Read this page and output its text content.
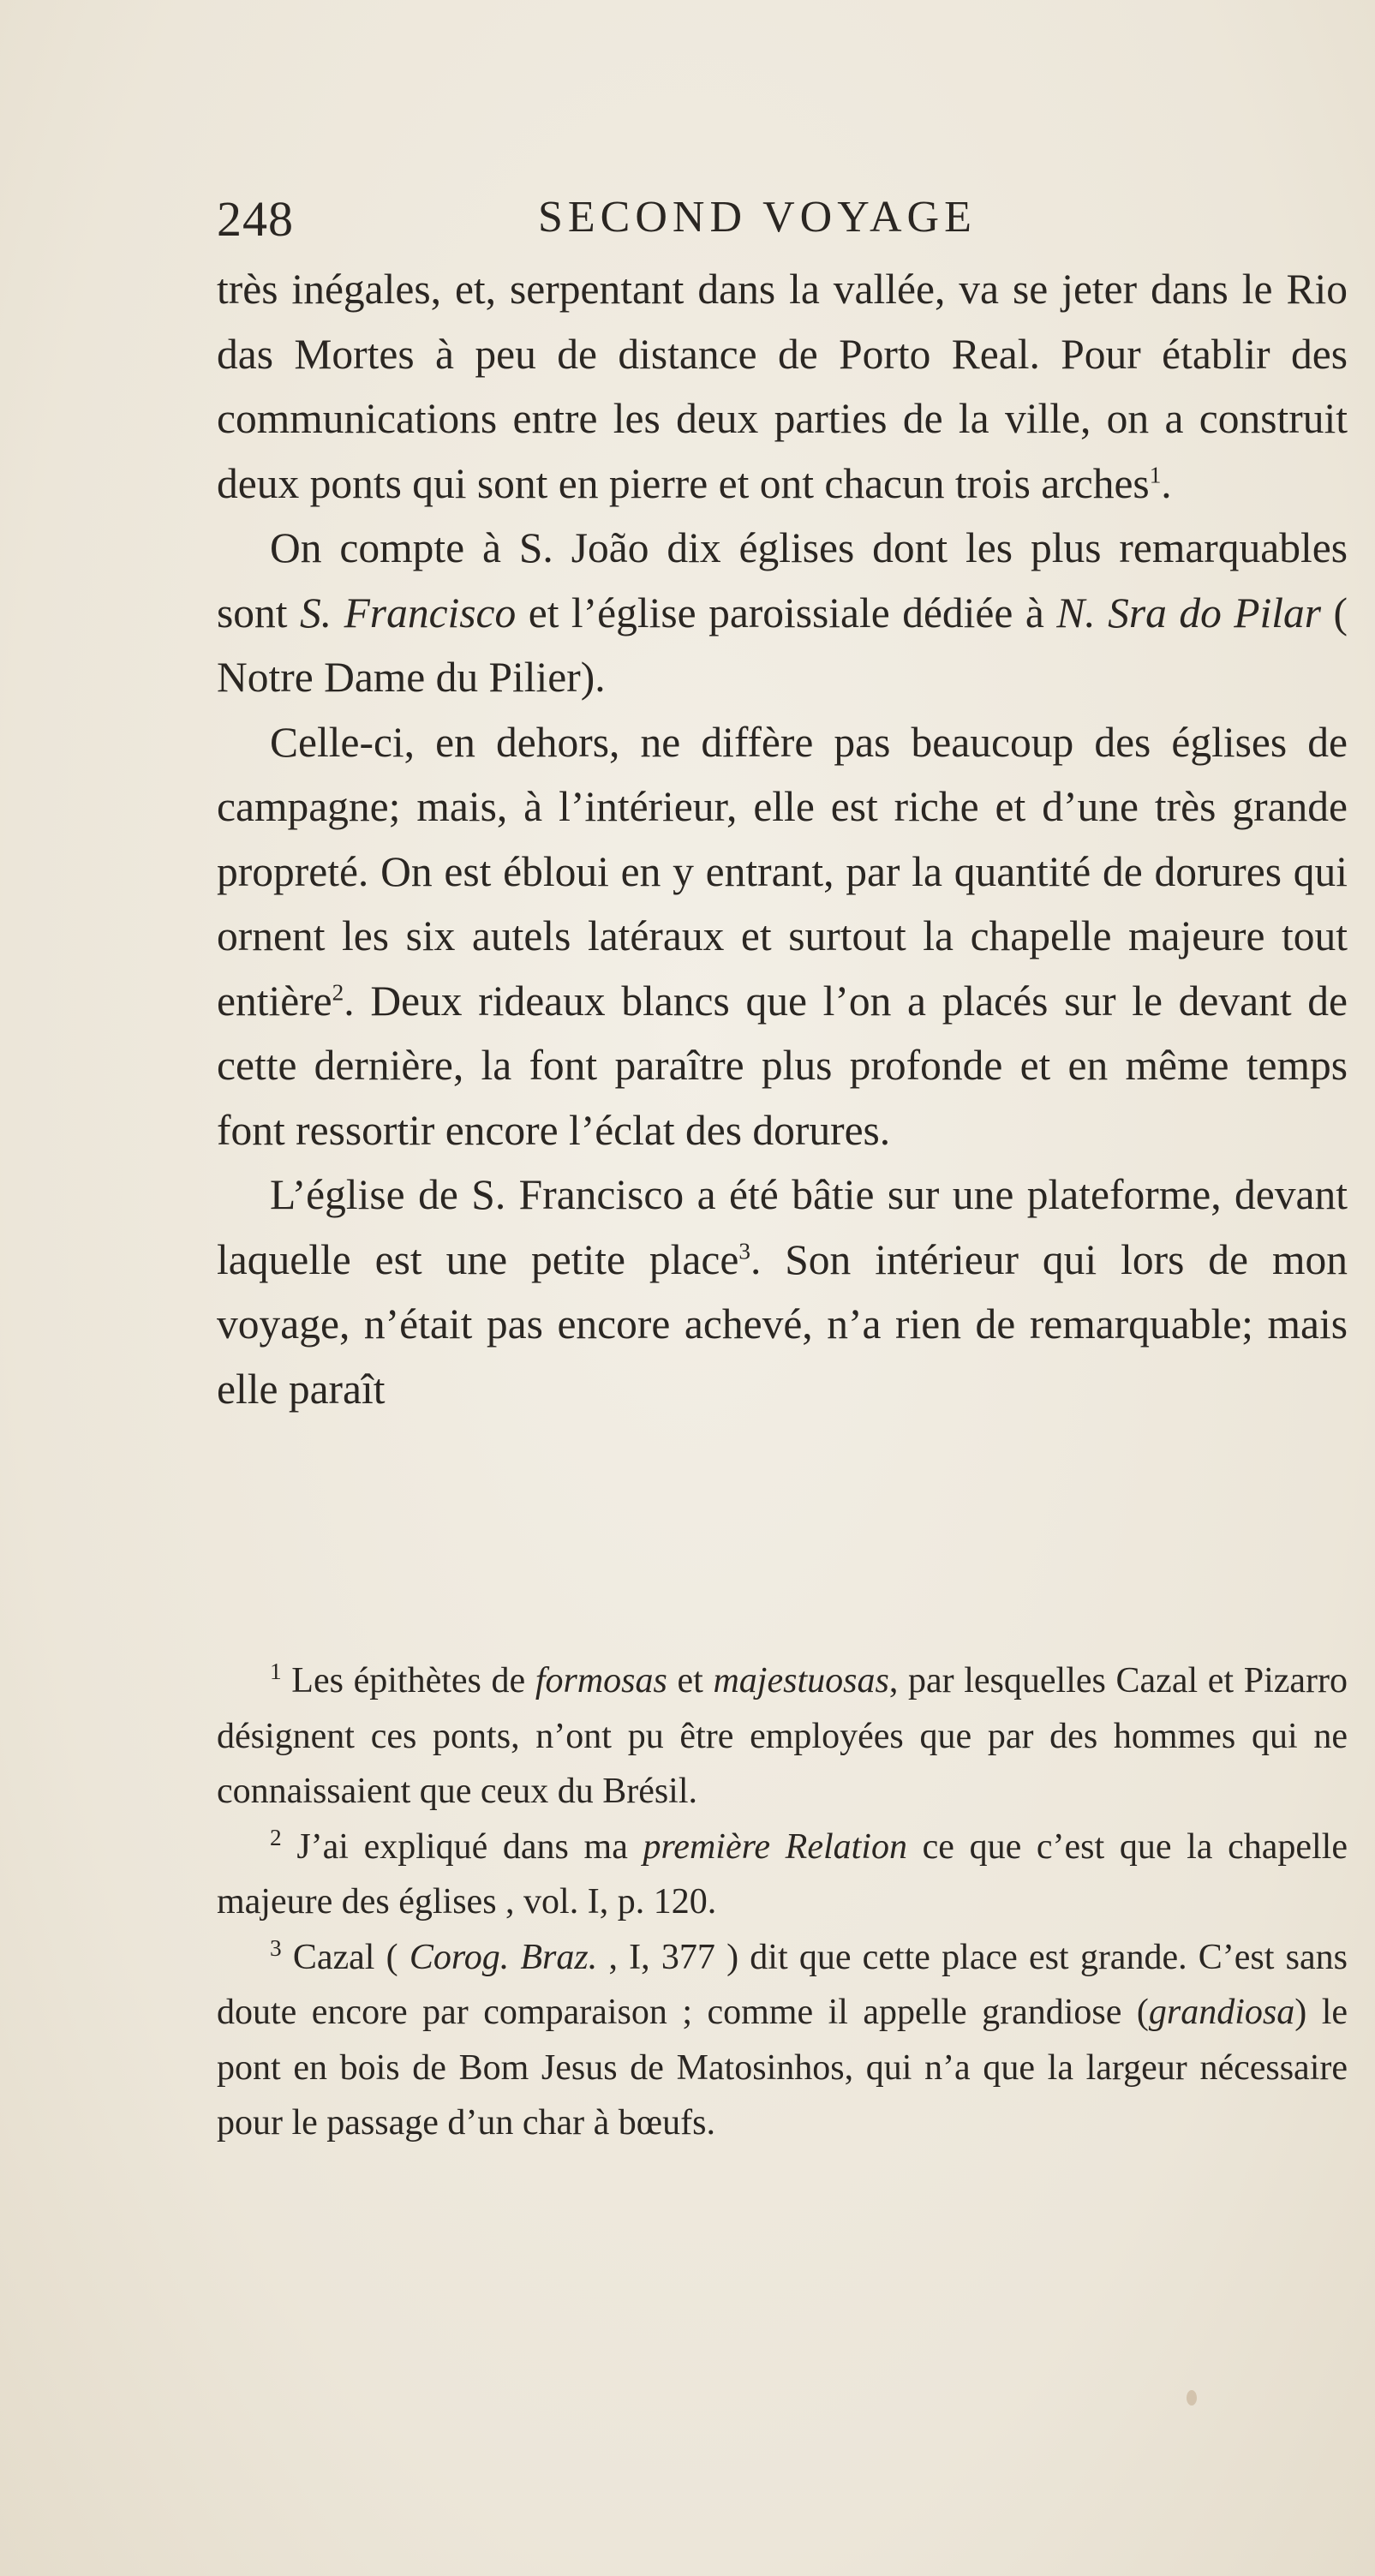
248	SECOND VOYAGE

très inégales, et, serpentant dans la vallée, va se jeter dans le Rio das Mortes à peu de distance de Porto Real. Pour établir des communications entre les deux parties de la ville, on a construit deux ponts qui sont en pierre et ont chacun trois arches$^1$.

On compte à S. João dix églises dont les plus remarquables sont S. Francisco et l’église paroissiale dédiée à N. Sra do Pilar ( Notre Dame du Pilier).

Celle-ci, en dehors, ne diffère pas beaucoup des églises de campagne; mais, à l’intérieur, elle est riche et d’une très grande propreté. On est ébloui en y entrant, par la quantité de dorures qui ornent les six autels latéraux et surtout la chapelle majeure tout entière$^2$. Deux rideaux blancs que l’on a placés sur le devant de cette dernière, la font paraître plus profonde et en même temps font ressortir encore l’éclat des dorures.

L’église de S. Francisco a été bâtie sur une plateforme, devant laquelle est une petite place$^3$. Son intérieur qui lors de mon voyage, n’était pas encore achevé, n’a rien de remarquable; mais elle paraît

$^1$ Les épithètes de formosas et majestuosas, par lesquelles Cazal et Pizarro désignent ces ponts, n’ont pu être employées que par des hommes qui ne connaissaient que ceux du Brésil.

$^2$ J’ai expliqué dans ma première Relation ce que c’est que la chapelle majeure des églises , vol. I, p. 120.

$^3$ Cazal ( Corog. Braz. , I, 377 ) dit que cette place est grande. C’est sans doute encore par comparaison ; comme il appelle grandiose (grandiosa) le pont en bois de Bom Jesus de Matosinhos, qui n’a que la largeur nécessaire pour le passage d’un char à bœufs.
